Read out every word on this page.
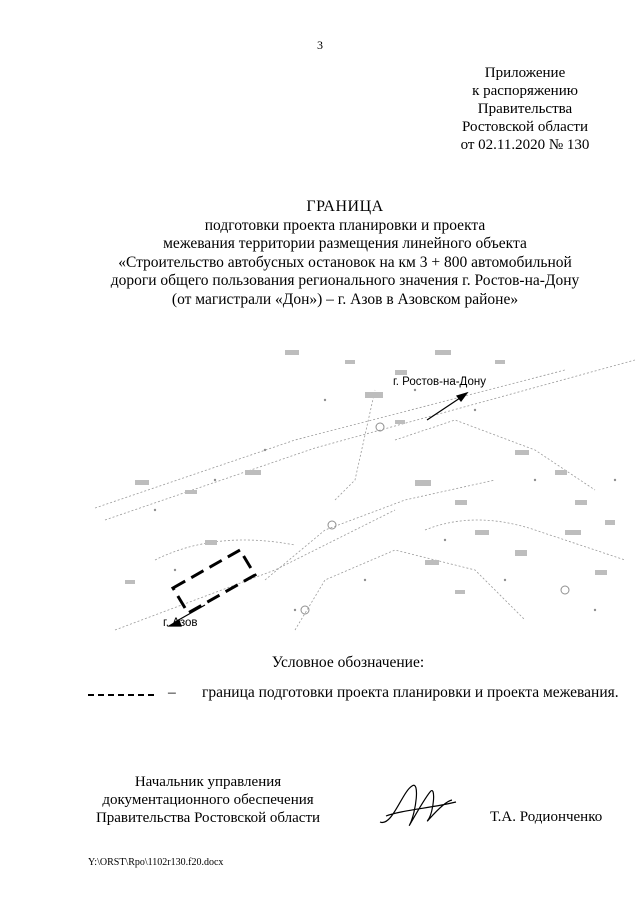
3
Приложение
к распоряжению
Правительства
Ростовской области
от 02.11.2020 № 130
ГРАНИЦА
подготовки проекта планировки и проекта
межевания территории размещения линейного объекта
«Строительство автобусных остановок на км 3 + 800 автомобильной
дороги общего пользования регионального значения г. Ростов-на-Дону
(от магистрали «Дон») – г. Азов в Азовском районе»
г. Ростов-на-Дону
г. Азов
Условное обозначение:
– граница подготовки проекта планировки и проекта межевания.
Начальник управления
документационного обеспечения
Правительства Ростовской области	Т.А. Родионченко
Y:\ORST\Rpo\1102r130.f20.docx
